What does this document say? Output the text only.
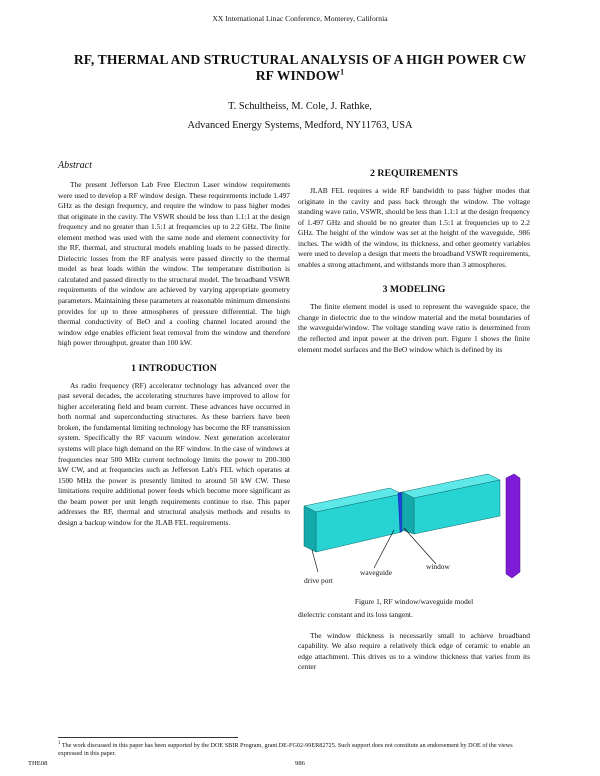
XX International Linac Conference, Monterey, California
RF, THERMAL AND STRUCTURAL ANALYSIS OF A HIGH POWER CW
RF WINDOW$^1$
T. Schultheiss, M. Cole, J. Rathke,
Advanced Energy Systems, Medford, NY11763, USA
Abstract

The present Jefferson Lab Free Electron Laser window requirements were used to develop a RF window design. These requirements include 1.497 GHz as the design frequency, and require the window to pass higher modes that originate in the cavity. The VSWR should be less than 1.1:1 at the design frequency and no greater than 1.5:1 at frequencies up to 2.2 GHz. The finite element method was used with the same node and element connectivity for the RF, thermal, and structural models enabling loads to be passed directly. Dielectric losses from the RF analysis were passed directly to the thermal model as heat loads within the window. The temperature distribution is calculated and passed directly to the structural model. The broadband VSWR requirements of the window are achieved by varying appropriate geometry parameters. Maintaining these parameters at reasonable minimum dimensions provides for up to three atmospheres of pressure differential. The high thermal conductivity of BeO and a cooling channel located around the window edge enables efficient heat removal from the window and therefore high power throughput, greater than 100 kW.

1 INTRODUCTION

As radio frequency (RF) accelerator technology has advanced over the past several decades, the accelerating structures have improved to allow for higher accelerating field and beam current. These advances have occurred in both normal and superconducting structures. As these barriers have been broken, the fundamental limiting technology has become the RF transmission system. Specifically the RF vacuum window. Next generation accelerator systems will place high demand on the RF window. In the case of windows at frequencies near 500 MHz current technology limits the power to 200-300 kW CW, and at frequencies such as Jefferson Lab's FEL which operates at 1500 MHz the power is presently limited to around 50 kW CW. These limitations require additional power feeds which become more significant as the beam power per unit length requirements continue to rise. This paper addresses the RF, thermal and structural analysis methods and results to design a backup window for the JLAB FEL requirements.

2 REQUIREMENTS

JLAB FEL requires a wide RF bandwidth to pass higher modes that originate in the cavity and pass back through the window. The voltage standing wave ratio, VSWR, should be less than 1.1:1 at the design frequency of 1.497 GHz and should be no greater than 1.5:1 at frequencies up to 2.2 GHz. The height of the window was set at the height of the waveguide, .986 inches. The width of the window, its thickness, and other geometry variables were used to develop a design that meets the broadband VSWR requirements, enables a strong attachment, and withstands more than 3 atmospheres.

3 MODELING

The finite element model is used to represent the waveguide space, the change in dielectric due to the window material and the metal boundaries of the waveguide/window. The voltage standing wave ratio is determined from the reflected and input power at the driven port. Figure 1 shows the finite element model surfaces and the BeO window which is defined by its

drive port
waveguide
window
Figure 1, RF window/waveguide model

dielectric constant and its loss tangent.

The window thickness is necessarily small to achieve broadband capability. We also require a relatively thick edge of ceramic to enable an edge attachment. This drives us to a window thickness that varies from its center

$^1$ The work discussed in this paper has been supported by the DOE SBIR Program, grant DE-FG02-99ER82725. Such support does not constitute an endorsement by DOE of the views expressed in this paper.
THE08	986
